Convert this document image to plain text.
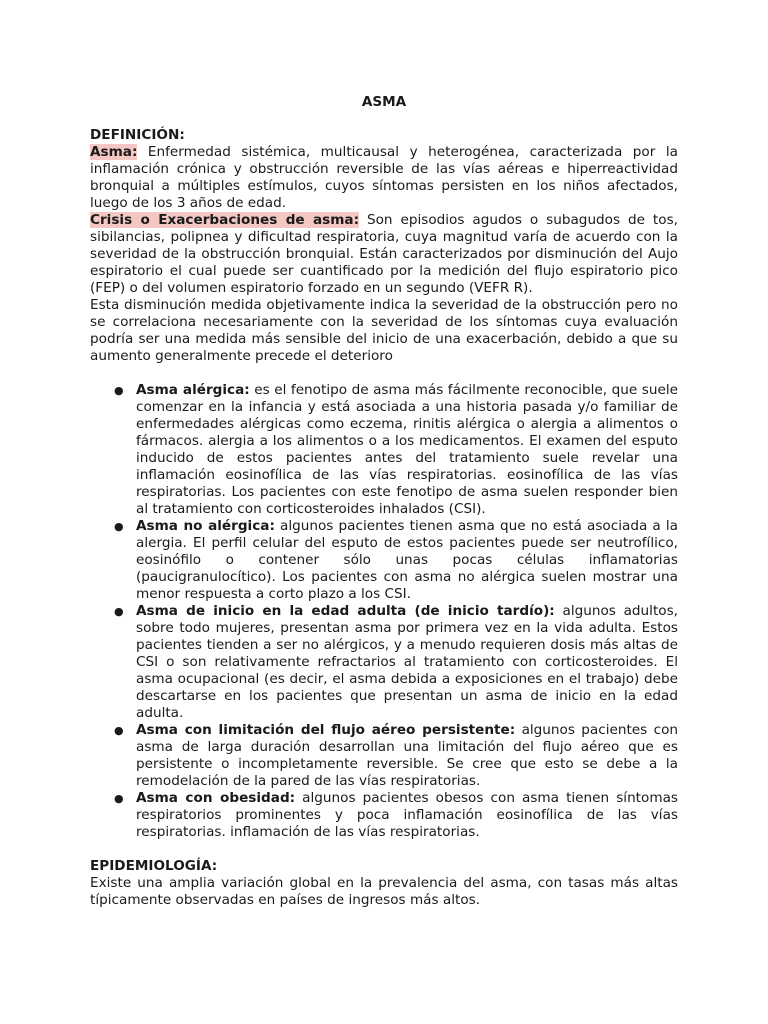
ASMA
DEFINICIÓN:

Asma: Enfermedad sistémica, multicausal y heterogénea, caracterizada por la inflamación crónica y obstrucción reversible de las vías aéreas e hiperreactividad bronquial a múltiples estímulos, cuyos síntomas persisten en los niños afectados, luego de los 3 años de edad.

Crisis o Exacerbaciones de asma: Son episodios agudos o subagudos de tos, sibilancias, polipnea y dificultad respiratoria, cuya magnitud varía de acuerdo con la severidad de la obstrucción bronquial. Están caracterizados por disminución del Aujo espiratorio el cual puede ser cuantificado por la medición del flujo espiratorio pico (FEP) o del volumen espiratorio forzado en un segundo (VEFR R).

Esta disminución medida objetivamente indica la severidad de la obstrucción pero no se correlaciona necesariamente con la severidad de los síntomas cuya evaluación podría ser una medida más sensible del inicio de una exacerbación, debido a que su aumento generalmente precede el deterioro

● Asma alérgica: es el fenotipo de asma más fácilmente reconocible, que suele comenzar en la infancia y está asociada a una historia pasada y/o familiar de enfermedades alérgicas como eczema, rinitis alérgica o alergia a alimentos o fármacos. alergia a los alimentos o a los medicamentos. El examen del esputo inducido de estos pacientes antes del tratamiento suele revelar una inflamación eosinofílica de las vías respiratorias. eosinofílica de las vías respiratorias. Los pacientes con este fenotipo de asma suelen responder bien al tratamiento con corticosteroides inhalados (CSI).
● Asma no alérgica: algunos pacientes tienen asma que no está asociada a la alergia. El perfil celular del esputo de estos pacientes puede ser neutrofílico, eosinófilo o contener sólo unas pocas células inflamatorias (paucigranulocítico). Los pacientes con asma no alérgica suelen mostrar una menor respuesta a corto plazo a los CSI.
● Asma de inicio en la edad adulta (de inicio tardío): algunos adultos, sobre todo mujeres, presentan asma por primera vez en la vida adulta. Estos pacientes tienden a ser no alérgicos, y a menudo requieren dosis más altas de CSI o son relativamente refractarios al tratamiento con corticosteroides. El asma ocupacional (es decir, el asma debida a exposiciones en el trabajo) debe descartarse en los pacientes que presentan un asma de inicio en la edad adulta.
● Asma con limitación del flujo aéreo persistente: algunos pacientes con asma de larga duración desarrollan una limitación del flujo aéreo que es persistente o incompletamente reversible. Se cree que esto se debe a la remodelación de la pared de las vías respiratorias.
● Asma con obesidad: algunos pacientes obesos con asma tienen síntomas respiratorios prominentes y poca inflamación eosinofílica de las vías respiratorias. inflamación de las vías respiratorias.
EPIDEMIOLOGÍA:

Existe una amplia variación global en la prevalencia del asma, con tasas más altas típicamente observadas en países de ingresos más altos.
